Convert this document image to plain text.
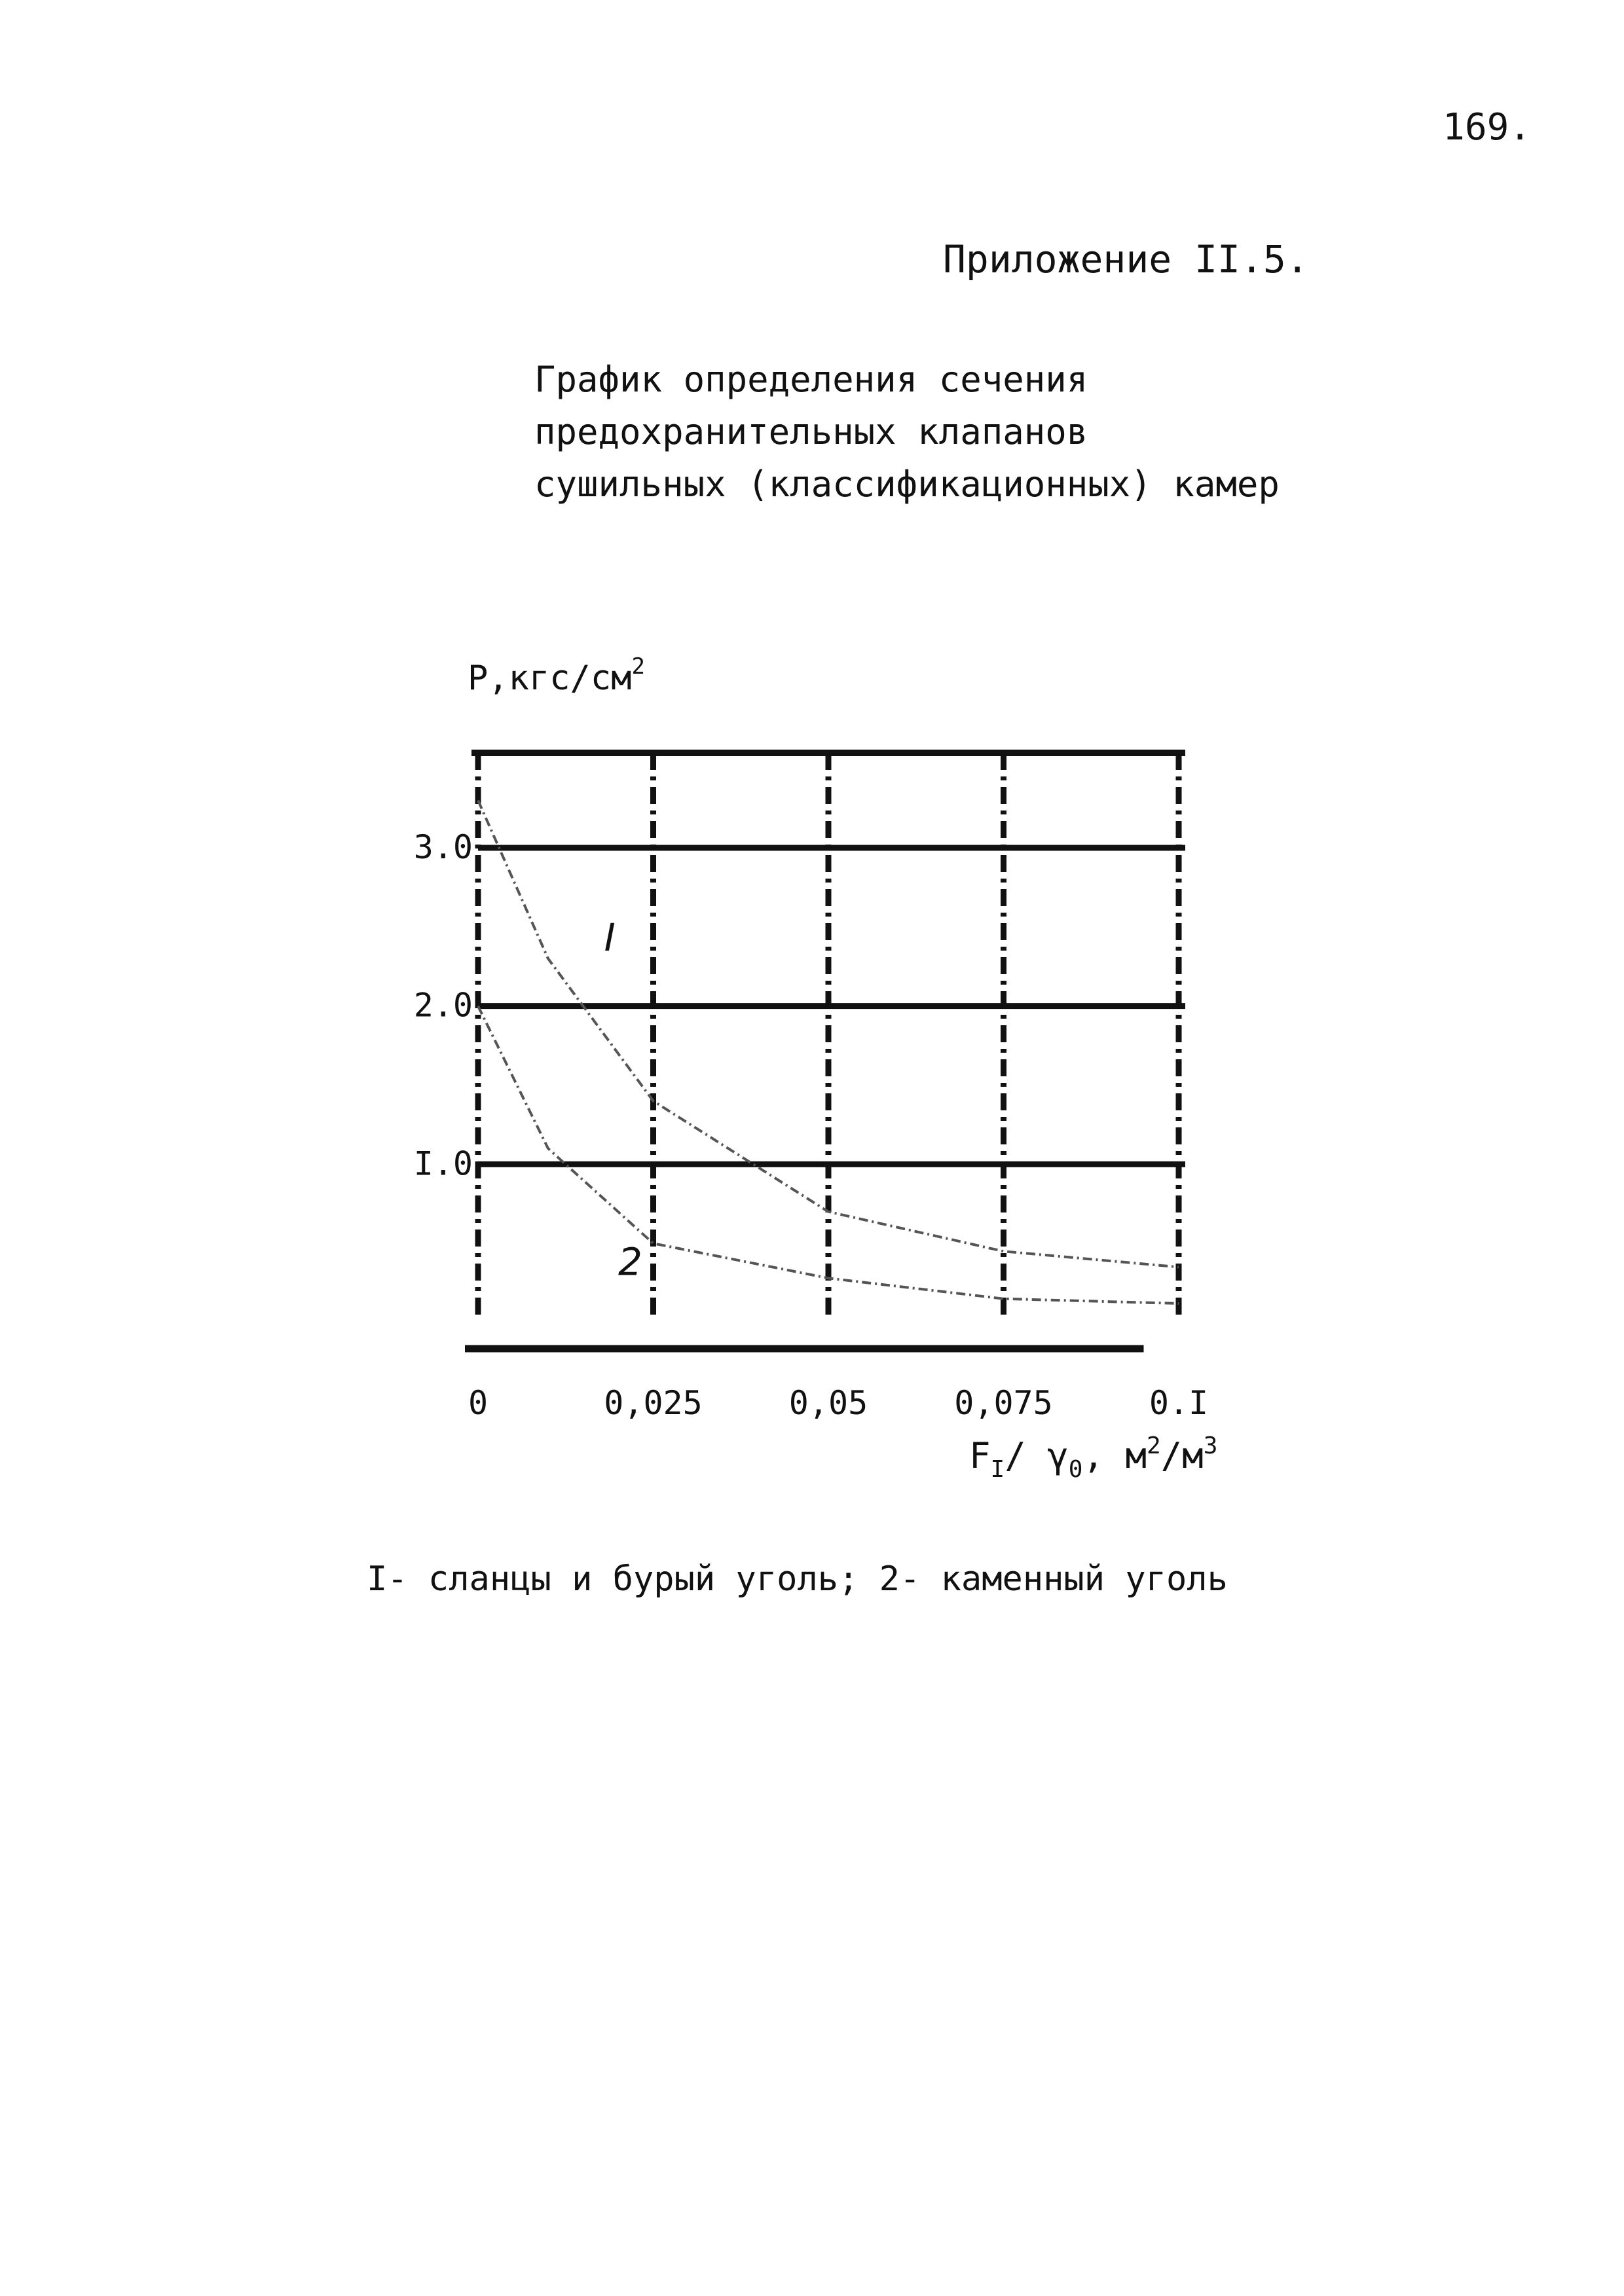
169.
Приложение II.5.
График определения сечения
предохранительных клапанов
сушильных (классификационных) камер
$P,кгс/см^2$
I
2
I.0
2.0
3.0
0	0,025	0,05	0,075	0.I
$F_I/$ $\gamma_0$, $м^2/м^3$
I- сланцы и бурый уголь; 2- каменный уголь
